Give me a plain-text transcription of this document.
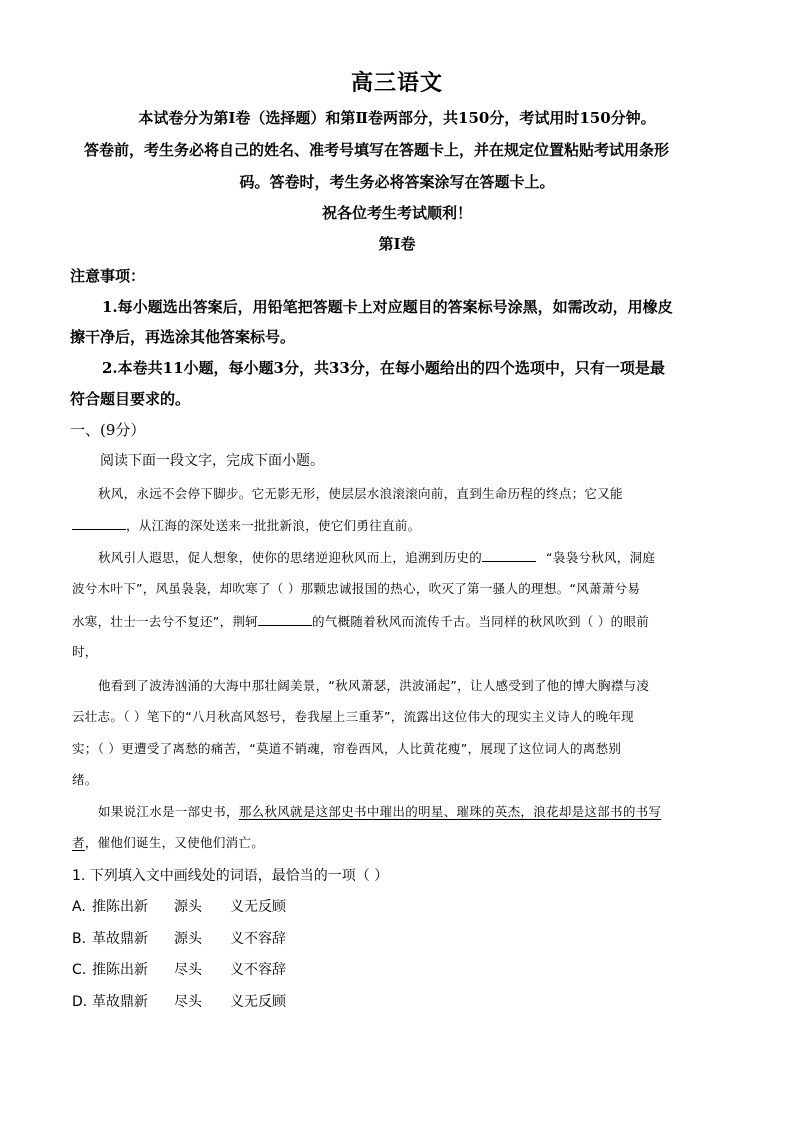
高三语文
本试卷分为第Ⅰ卷（选择题）和第Ⅱ卷两部分，共150分，考试用时150分钟。
答卷前，考生务必将自己的姓名、准考号填写在答题卡上，并在规定位置粘贴考试用条形
码。答卷时，考生务必将答案涂写在答题卡上。
祝各位考生考试顺利！
第Ⅰ卷
注意事项：
1.每小题选出答案后，用铅笔把答题卡上对应题目的答案标号涂黑，如需改动，用橡皮
擦干净后，再选涂其他答案标号。
2.本卷共11小题，每小题3分，共33分，在每小题给出的四个选项中，只有一项是最
符合题目要求的。
一、(9分）
阅读下面一段文字，完成下面小题。
秋风，永远不会停下脚步。它无影无形，使层层水浪滚滚向前，直到生命历程的终点；它又能
，从江海的深处送来一批批新浪，使它们勇往直前。
秋风引人遐思，促人想象，使你的思绪逆迎秋风而上，追溯到历史的	“袅袅兮秋风，洞庭
波兮木叶下”，风虽袅袅，却吹寒了（ ）那颗忠诚报国的热心，吹灭了第一骚人的理想。“风萧萧兮易
水寒，壮士一去兮不复还”，荆轲	的气概随着秋风而流传千古。当同样的秋风吹到（ ）的眼前
时，
他看到了波涛汹涌的大海中那壮阔美景，“秋风萧瑟，洪波涌起”，让人感受到了他的博大胸襟与凌
云壮志。（ ）笔下的“八月秋高风怒号，卷我屋上三重茅”，流露出这位伟大的现实主义诗人的晚年现
实；（ ）更遭受了离愁的痛苦，“莫道不销魂，帘卷西风，人比黄花瘦”，展现了这位词人的离愁别
绪。
如果说江水是一部史书，那么秋风就是这部史书中璀出的明星、璀珠的英杰，浪花却是这部书的书写
者，催他们诞生，又使他们消亡。
1. 下列填入文中画线处的词语，最恰当的一项（ ）
A. 推陈出新 源头 义无反顾
B. 革故鼎新 源头 义不容辞
C. 推陈出新 尽头 义不容辞
D. 革故鼎新 尽头 义无反顾
